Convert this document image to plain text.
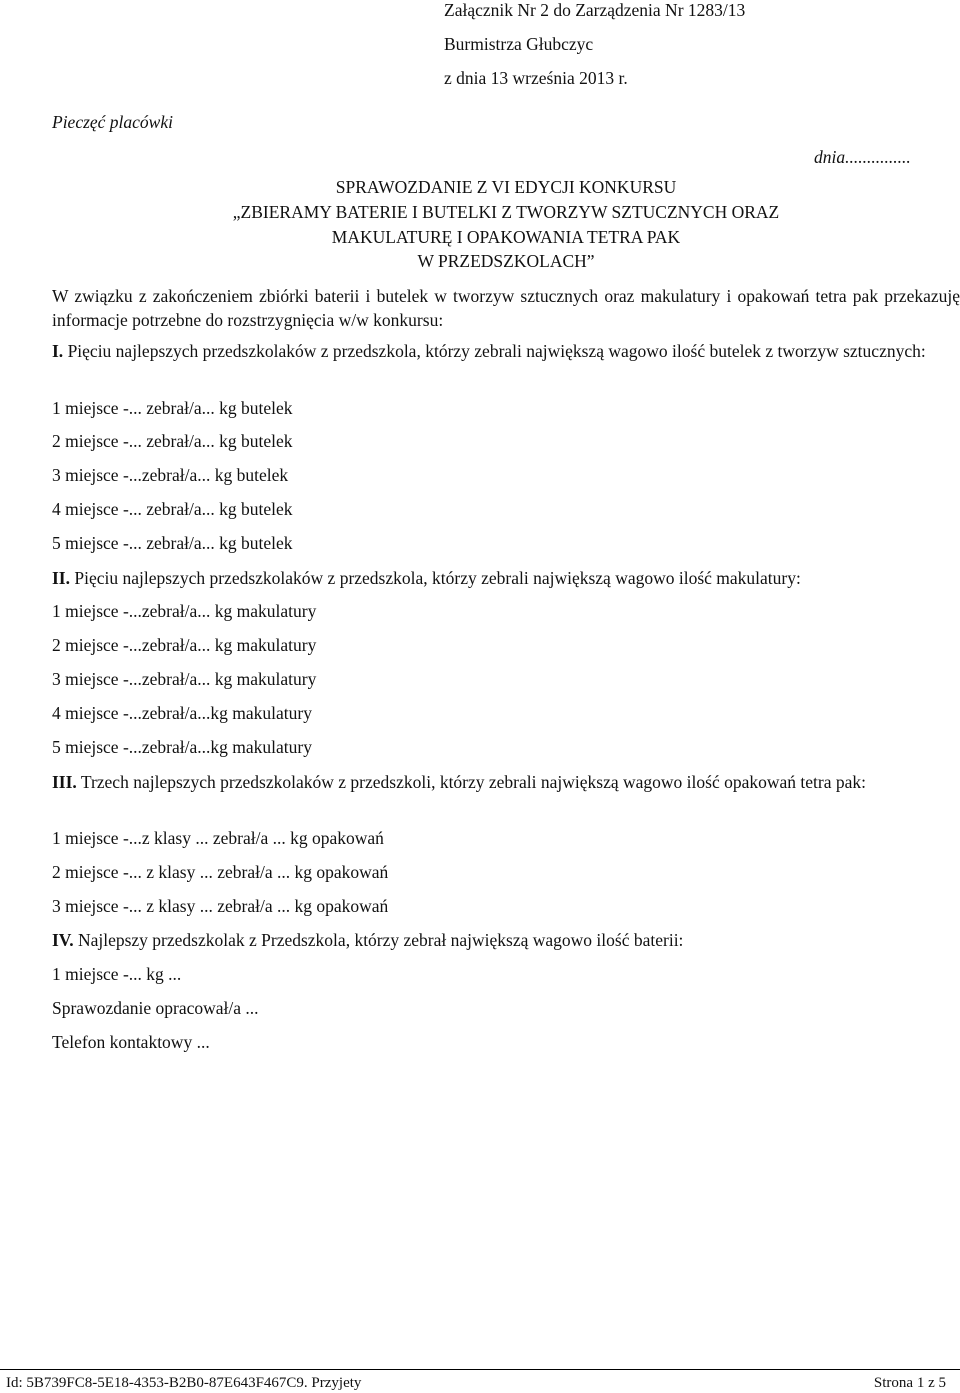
Załącznik Nr 2 do Zarządzenia Nr 1283/13
Burmistrza Głubczyc
z dnia 13 września 2013 r.
Pieczęć placówki
dnia...............
SPRAWOZDANIE Z VI EDYCJI KONKURSU
„ZBIERAMY BATERIE I BUTELKI Z TWORZYW SZTUCZNYCH ORAZ
MAKULATURĘ I OPAKOWANIA TETRA PAK
W PRZEDSZKOLACH”
W związku z zakończeniem zbiórki baterii i butelek w tworzyw sztucznych oraz makulatury i opakowań tetra pak przekazuję informacje potrzebne do rozstrzygnięcia w/w konkursu:
I. Pięciu najlepszych przedszkolaków z przedszkola, którzy zebrali największą wagowo ilość butelek z tworzyw sztucznych:
1 miejsce -... zebrał/a... kg butelek
2 miejsce -... zebrał/a... kg butelek
3 miejsce -...zebrał/a... kg butelek
4 miejsce -... zebrał/a... kg butelek
5 miejsce -... zebrał/a... kg butelek
II. Pięciu najlepszych przedszkolaków z przedszkola, którzy zebrali największą wagowo ilość makulatury:
1 miejsce -...zebrał/a... kg makulatury
2 miejsce -...zebrał/a... kg makulatury
3 miejsce -...zebrał/a... kg makulatury
4 miejsce -...zebrał/a...kg makulatury
5 miejsce -...zebrał/a...kg makulatury
III. Trzech najlepszych przedszkolaków z przedszkoli, którzy zebrali największą wagowo ilość opakowań tetra pak:
1 miejsce -...z klasy ... zebrał/a ... kg opakowań
2 miejsce -... z klasy ... zebrał/a ... kg opakowań
3 miejsce -... z klasy ... zebrał/a ... kg opakowań
IV. Najlepszy przedszkolak z Przedszkola, którzy zebrał największą wagowo ilość baterii:
1 miejsce -... kg ...
Sprawozdanie opracował/a ...
Telefon kontaktowy ...
Id: 5B739FC8-5E18-4353-B2B0-87E643F467C9. Przyjety	Strona 1 z 5
